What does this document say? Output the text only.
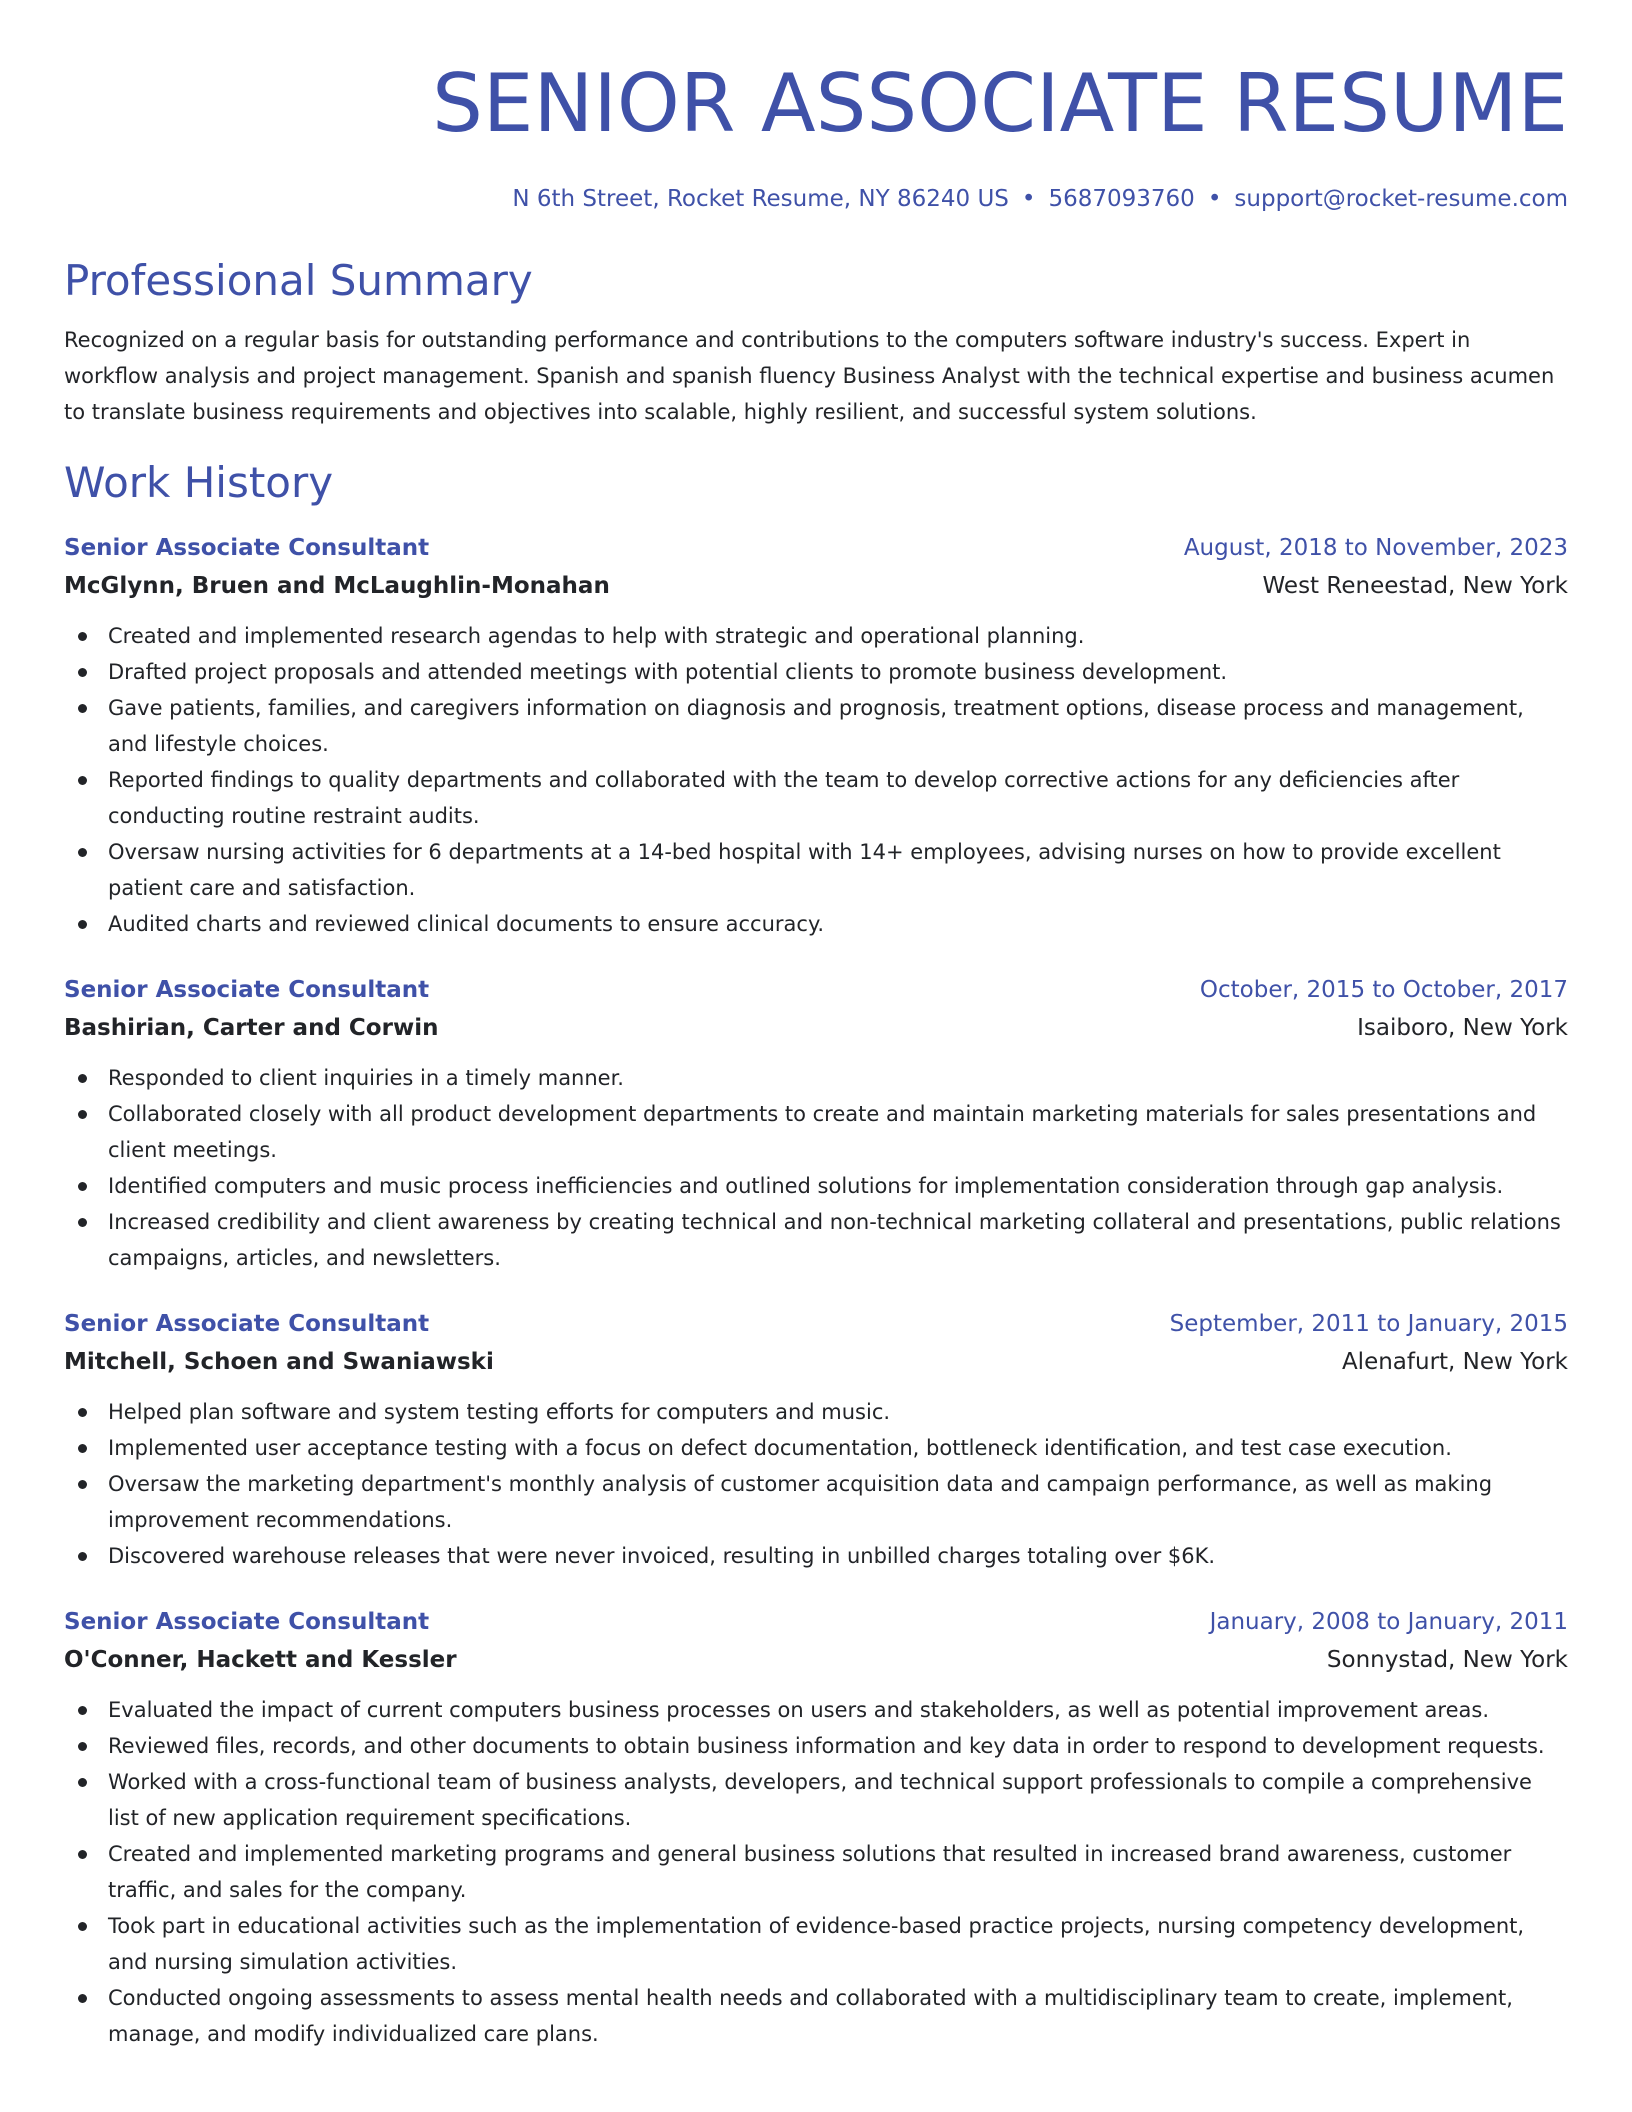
SENIOR ASSOCIATE RESUME
N 6th Street, Rocket Resume, NY 86240 US • 5687093760 • support@rocket-resume.com
Professional Summary

Recognized on a regular basis for outstanding performance and contributions to the computers software industry's success. Expert in workflow analysis and project management. Spanish and spanish fluency Business Analyst with the technical expertise and business acumen to translate business requirements and objectives into scalable, highly resilient, and successful system solutions.

Work History
Senior Associate Consultant	August, 2018 to November, 2023
McGlynn, Bruen and McLaughlin-Monahan	West Reneestad, New York
Created and implemented research agendas to help with strategic and operational planning.
Drafted project proposals and attended meetings with potential clients to promote business development.
Gave patients, families, and caregivers information on diagnosis and prognosis, treatment options, disease process and management, and lifestyle choices.
Reported findings to quality departments and collaborated with the team to develop corrective actions for any deficiencies after conducting routine restraint audits.
Oversaw nursing activities for 6 departments at a 14-bed hospital with 14+ employees, advising nurses on how to provide excellent patient care and satisfaction.
Audited charts and reviewed clinical documents to ensure accuracy.
Senior Associate Consultant	October, 2015 to October, 2017
Bashirian, Carter and Corwin	Isaiboro, New York
Responded to client inquiries in a timely manner.
Collaborated closely with all product development departments to create and maintain marketing materials for sales presentations and client meetings.
Identified computers and music process inefficiencies and outlined solutions for implementation consideration through gap analysis.
Increased credibility and client awareness by creating technical and non-technical marketing collateral and presentations, public relations campaigns, articles, and newsletters.
Senior Associate Consultant	September, 2011 to January, 2015
Mitchell, Schoen and Swaniawski	Alenafurt, New York
Helped plan software and system testing efforts for computers and music.
Implemented user acceptance testing with a focus on defect documentation, bottleneck identification, and test case execution.
Oversaw the marketing department's monthly analysis of customer acquisition data and campaign performance, as well as making improvement recommendations.
Discovered warehouse releases that were never invoiced, resulting in unbilled charges totaling over $6K.
Senior Associate Consultant	January, 2008 to January, 2011
O'Conner, Hackett and Kessler	Sonnystad, New York
Evaluated the impact of current computers business processes on users and stakeholders, as well as potential improvement areas.
Reviewed files, records, and other documents to obtain business information and key data in order to respond to development requests.
Worked with a cross-functional team of business analysts, developers, and technical support professionals to compile a comprehensive list of new application requirement specifications.
Created and implemented marketing programs and general business solutions that resulted in increased brand awareness, customer traffic, and sales for the company.
Took part in educational activities such as the implementation of evidence-based practice projects, nursing competency development, and nursing simulation activities.
Conducted ongoing assessments to assess mental health needs and collaborated with a multidisciplinary team to create, implement, manage, and modify individualized care plans.
